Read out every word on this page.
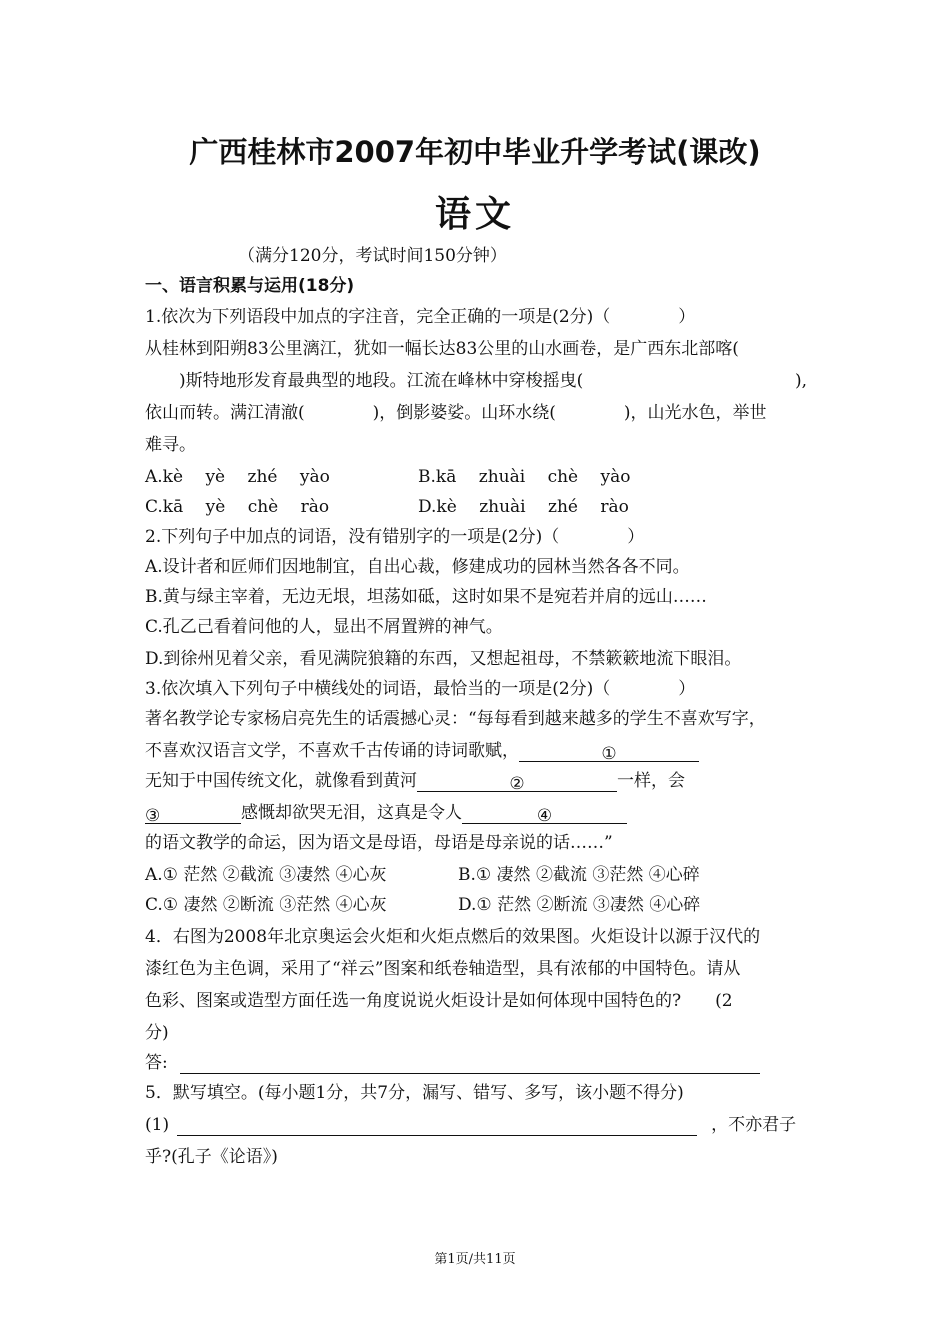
广西桂林市2007年初中毕业升学考试(课改)
语文
（满分120分，考试时间150分钟）
一、语言积累与运用(18分)
1.依次为下列语段中加点的字注音，完全正确的一项是(2分)（　　　　）
从桂林到阳朔83公里漓江，犹如一幅长达83公里的山水画卷，是广西东北部喀(
　　)斯特地形发育最典型的地段。江流在峰林中穿梭摇曳(	),
依山而转。满江清澈(　　　　)，倒影婆娑。山环水绕(　　　　)，山光水色，举世
难寻。
A.kè　 yè　 zhé　 yào	B.kā　 zhuài　 chè　 yào
C.kā　 yè　 chè　 rào	D.kè　 zhuài　 zhé　 rào
2.下列句子中加点的词语，没有错别字的一项是(2分)（　　　　）
A.设计者和匠师们因地制宜，自出心裁，修建成功的园林当然各各不同。
B.黄与绿主宰着，无边无垠，坦荡如砥，这时如果不是宛若并肩的远山……
C.孔乙己看着问他的人，显出不屑置辨的神气。
D.到徐州见着父亲，看见满院狼籍的东西，又想起祖母，不禁簌簌地流下眼泪。
3.依次填入下列句子中横线处的词语，最恰当的一项是(2分)（　　　　）
著名教学论专家杨启亮先生的话震撼心灵：“每每看到越来越多的学生不喜欢写字，
不喜欢汉语言文学，不喜欢千古传诵的诗词歌赋，	①
无知于中国传统文化，就像看到黄河	②	一样，会
③	感慨却欲哭无泪，这真是令人	④
的语文教学的命运，因为语文是母语，母语是母亲说的话……”
A.① 茫然 ②截流 ③凄然 ④心灰	B.① 凄然 ②截流 ③茫然 ④心碎
C.① 凄然 ②断流 ③茫然 ④心灰	D.① 茫然 ②断流 ③凄然 ④心碎
4．右图为2008年北京奥运会火炬和火炬点燃后的效果图。火炬设计以源于汉代的
漆红色为主色调，采用了“祥云”图案和纸卷轴造型，具有浓郁的中国特色。请从
色彩、图案或造型方面任选一角度说说火炬设计是如何体现中国特色的?　　(2
分)
答:
5．默写填空。(每小题1分，共7分，漏写、错写、多写，该小题不得分)
(1)	，不亦君子
乎?(孔子《论语》)
第1页/共11页
